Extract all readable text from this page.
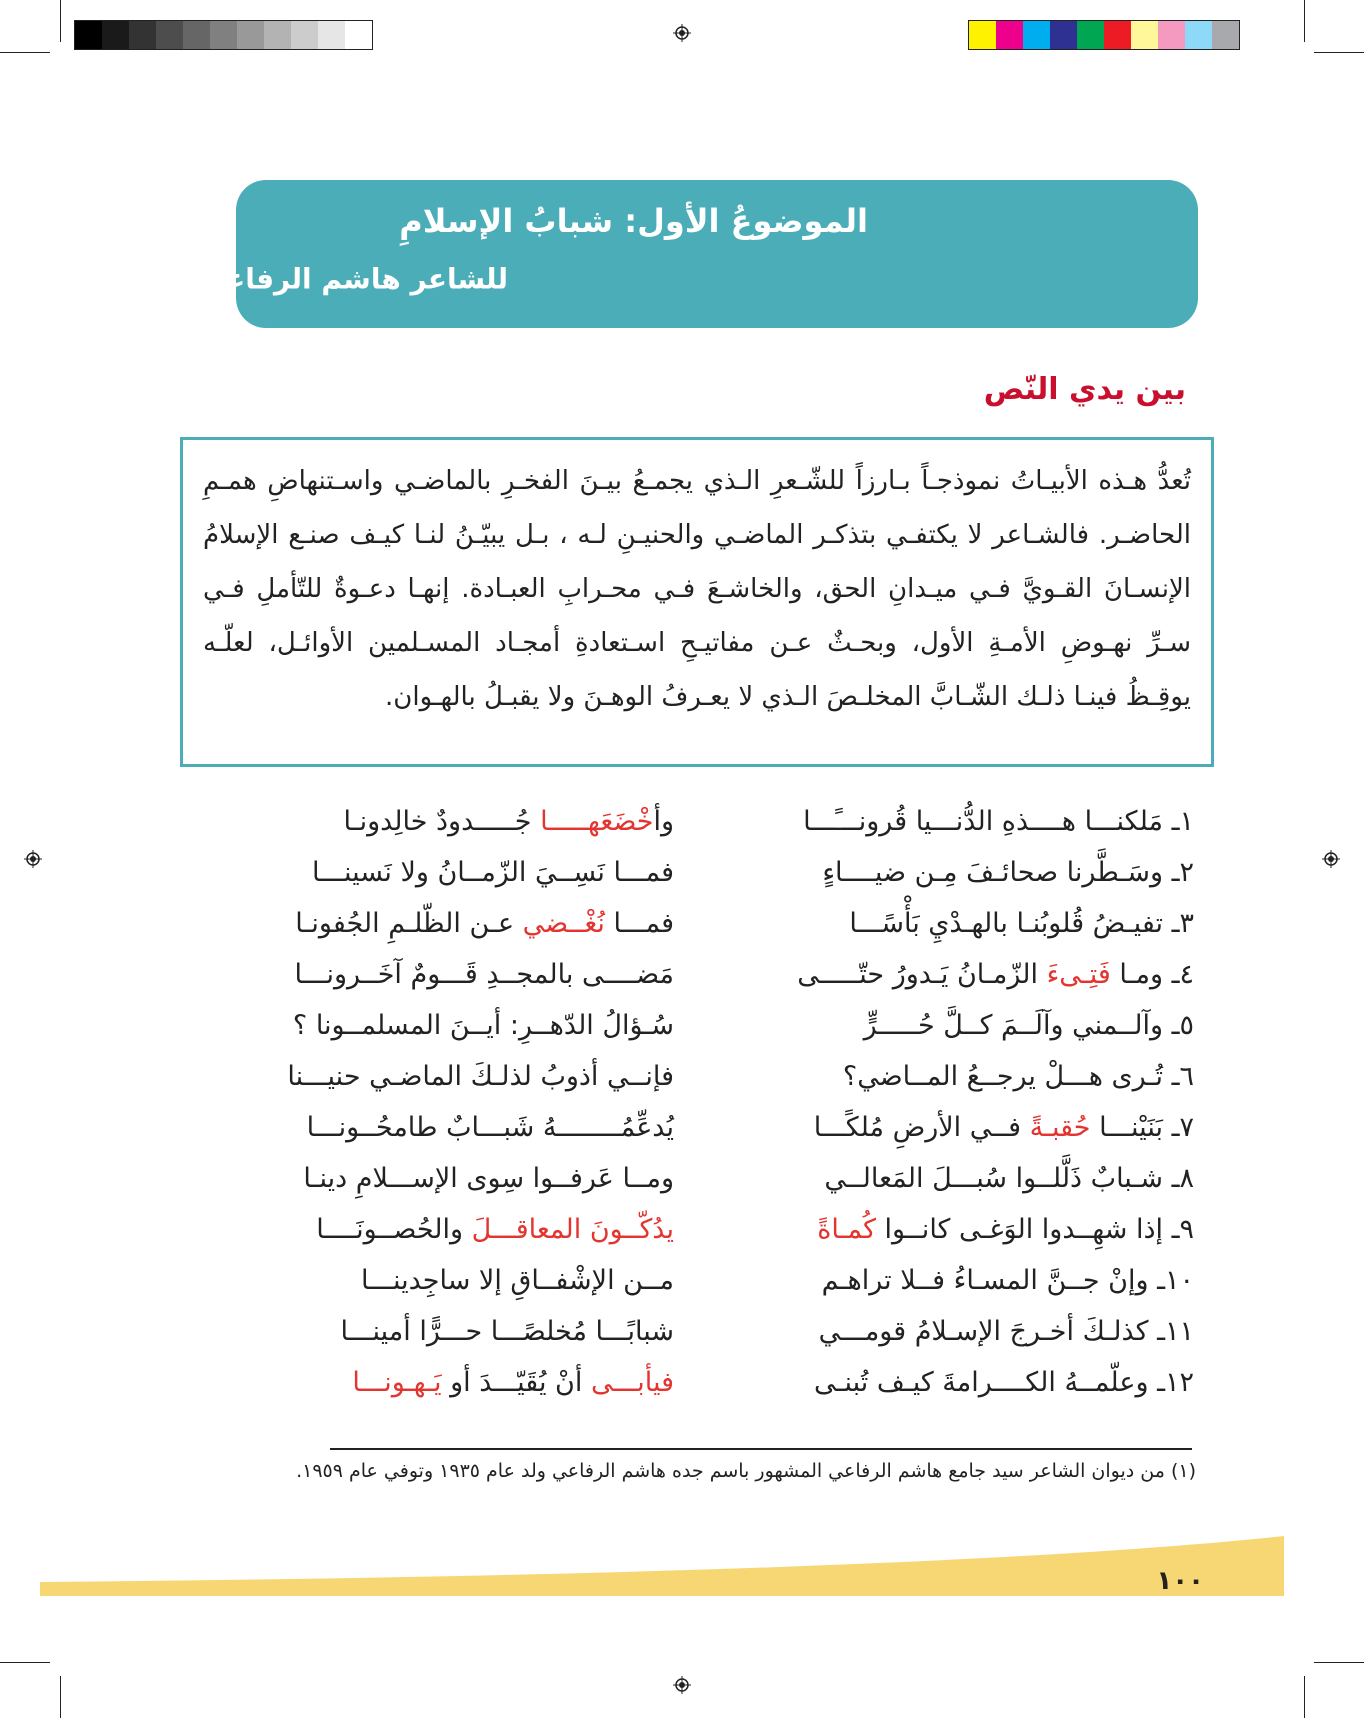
الموضوعُ الأول: شبابُ الإسلامِ
للشاعر هاشم الرفاعي$^{(١)}$
بين يدي النّص
تُعدُّ هـذه الأبيـاتُ نموذجـاً بـارزاً للشّـعرِ الـذي يجمـعُ بيـنَ الفخـرِ بالماضـي واسـتنهاضِ همـمِ الحاضـر. فالشـاعر لا يكتفـي بتذكـر الماضـي والحنيـنِ لـه ، بـل يبيّـنُ لنـا كيـف صنـع الإسلامُ الإنسـانَ القـويَّ فـي ميـدانِ الحق، والخاشـعَ فـي محـرابِ العبـادة. إنهـا دعـوةٌ للتّأملِ فـي سـرِّ نهـوضِ الأمـةِ الأول، وبحـثٌ عـن مفاتيـحِ اسـتعادةِ أمجـاد المسـلمين الأوائـل، لعلّـه يوقِـظُ فينـا ذلـك الشّـابَّ المخلـصَ الـذي لا يعـرفُ الوهـنَ ولا يقبـلُ بالهـوان.
١ـ مَلكنـــا هــــذهِ الدُّنـــيا قُرونـــًـــا
وأخْضَعَهـــــا جُـــــدودٌ خالِدونـا
٢ـ وسَـطَّرنا صحائـفَ مِـن ضيــــاءٍ
فمـــا نَسِــيَ الزّمــانُ ولا نَسينـــا
٣ـ تفيـضُ قُلوبُنـا بالهـدْيِ بَأْسًـــا
فمـــا نُغْــضي عـن الظّلـمِ الجُفونـا
٤ـ ومـا فَتِـىءَ الزّمـانُ يَـدورُ حتّـــــى
مَضــــى بالمجــدِ قَـــومٌ آخَــرونـــا
٥ـ وآلــمني وآلَــمَ كــلَّ حُـــــرٍّ
سُـؤالُ الدّهــرِ: أيــنَ المسلمــونا ؟
٦ـ تُـرى هـــلْ يرجــعُ المــاضي؟
فإنــي أذوبُ لذلـكَ الماضـي حنيـــنا
٧ـ بَنَيْنـــا حُقبـةً فــي الأرضِ مُلكًـــا
يُدعِّمُــــــــهُ شَبـــابٌ طامحُــونـــا
٨ـ شـبابٌ ذَلَّلــوا سُبـــلَ المَعالــي
ومــا عَرفــوا سِوى الإســـلامِ دينـا
٩ـ إذا شهِــدوا الوَغـى كانــوا كُمـاةً
يدُكّــونَ المعاقـــلَ والحُصــونَــــا
١٠ـ وإنْ جــنَّ المسـاءُ فــلا تراهـم
مــن الإشْفــاقِ إلا ساجِدينـــا
١١ـ كذلـكَ أخـرجَ الإسـلامُ قومـــي
شبابًـــا مُخلصًـــا حـــرًّا أمينـــا
١٢ـ وعلّمــهُ الكــــرامةَ كيـف تُبنـى
فيأبـــى أنْ يُقَيّـــدَ أو يَـهـونـــا
(١) من ديوان الشاعر سيد جامع هاشم الرفاعي المشهور باسم جده هاشم الرفاعي ولد عام ١٩٣٥ وتوفي عام ١٩٥٩.
١٠٠
